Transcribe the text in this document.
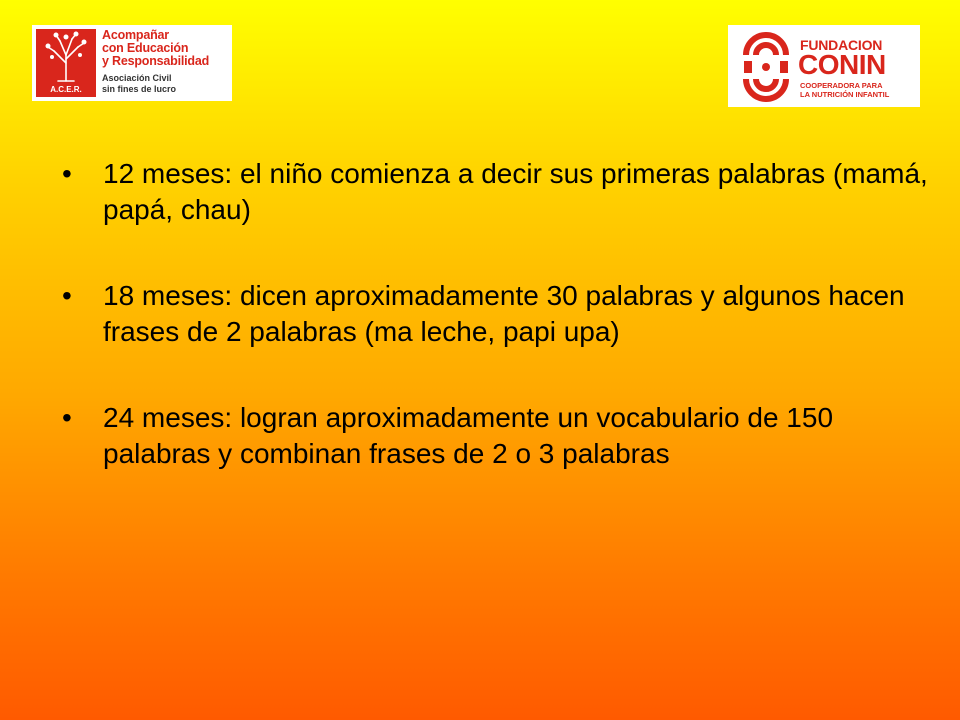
A.C.E.R.
Acompañar
con Educación
y Responsabilidad
Asociación Civil
sin fines de lucro
FUNDACION
CONIN
COOPERADORA PARA
LA NUTRICIÓN INFANTIL
• 12 meses: el niño comienza a decir sus primeras palabras (mamá, papá, chau)
• 18 meses: dicen aproximadamente 30 palabras y algunos hacen frases de 2 palabras (ma leche, papi upa)
• 24 meses: logran aproximadamente un vocabulario de 150 palabras y combinan frases de 2 o 3 palabras
